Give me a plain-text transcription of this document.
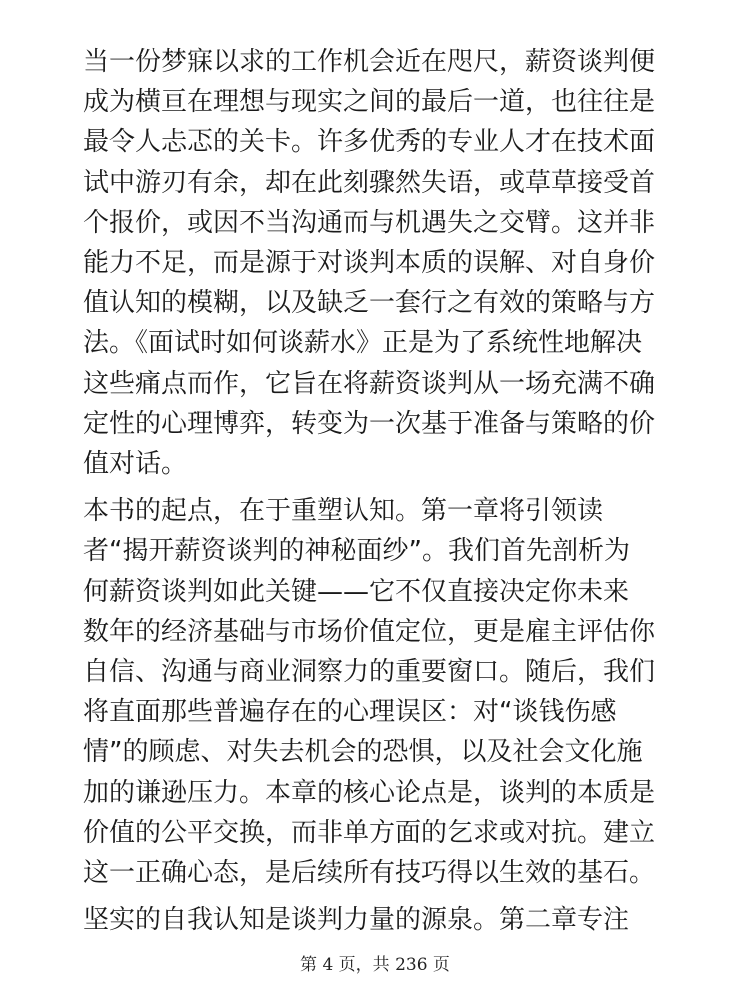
当一份梦寐以求的工作机会近在咫尺，薪资谈判便
成为横亘在理想与现实之间的最后一道，也往往是
最令人忐忑的关卡。许多优秀的专业人才在技术面
试中游刃有余，却在此刻骤然失语，或草草接受首
个报价，或因不当沟通而与机遇失之交臂。这并非
能力不足，而是源于对谈判本质的误解、对自身价
值认知的模糊，以及缺乏一套行之有效的策略与方
法。《面试时如何谈薪水》正是为了系统性地解决
这些痛点而作，它旨在将薪资谈判从一场充满不确
定性的心理博弈，转变为一次基于准备与策略的价
值对话。

本书的起点，在于重塑认知。第一章将引领读
者“揭开薪资谈判的神秘面纱”。我们首先剖析为
何薪资谈判如此关键——它不仅直接决定你未来
数年的经济基础与市场价值定位，更是雇主评估你
自信、沟通与商业洞察力的重要窗口。随后，我们
将直面那些普遍存在的心理误区：对“谈钱伤感
情”的顾虑、对失去机会的恐惧，以及社会文化施
加的谦逊压力。本章的核心论点是，谈判的本质是
价值的公平交换，而非单方面的乞求或对抗。建立
这一正确心态，是后续所有技巧得以生效的基石。

坚实的自我认知是谈判力量的源泉。第二章专注

第 4 页，共 236 页
